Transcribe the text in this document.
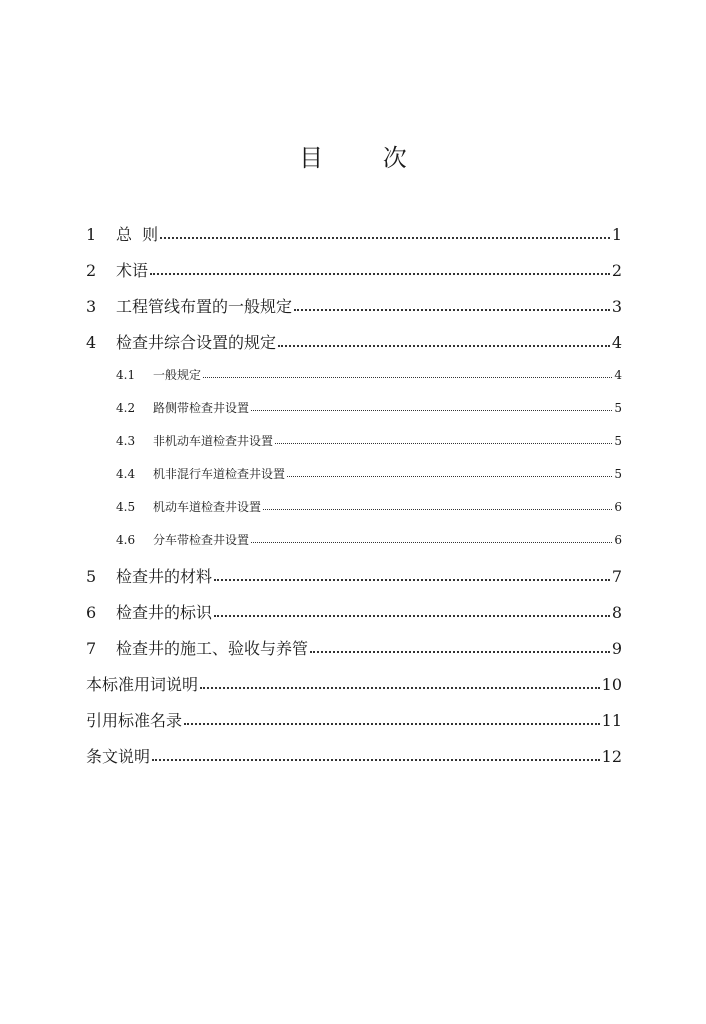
目 次
1	总  则	1
2	术语	2
3	工程管线布置的一般规定	3
4	检查井综合设置的规定	4
4.1	一般规定	4
4.2	路侧带检查井设置	5
4.3	非机动车道检查井设置	5
4.4	机非混行车道检查井设置	5
4.5	机动车道检查井设置	6
4.6	分车带检查井设置	6
5	检查井的材料	7
6	检查井的标识	8
7	检查井的施工、验收与养管	9
本标准用词说明	10
引用标准名录	11
条文说明	12
